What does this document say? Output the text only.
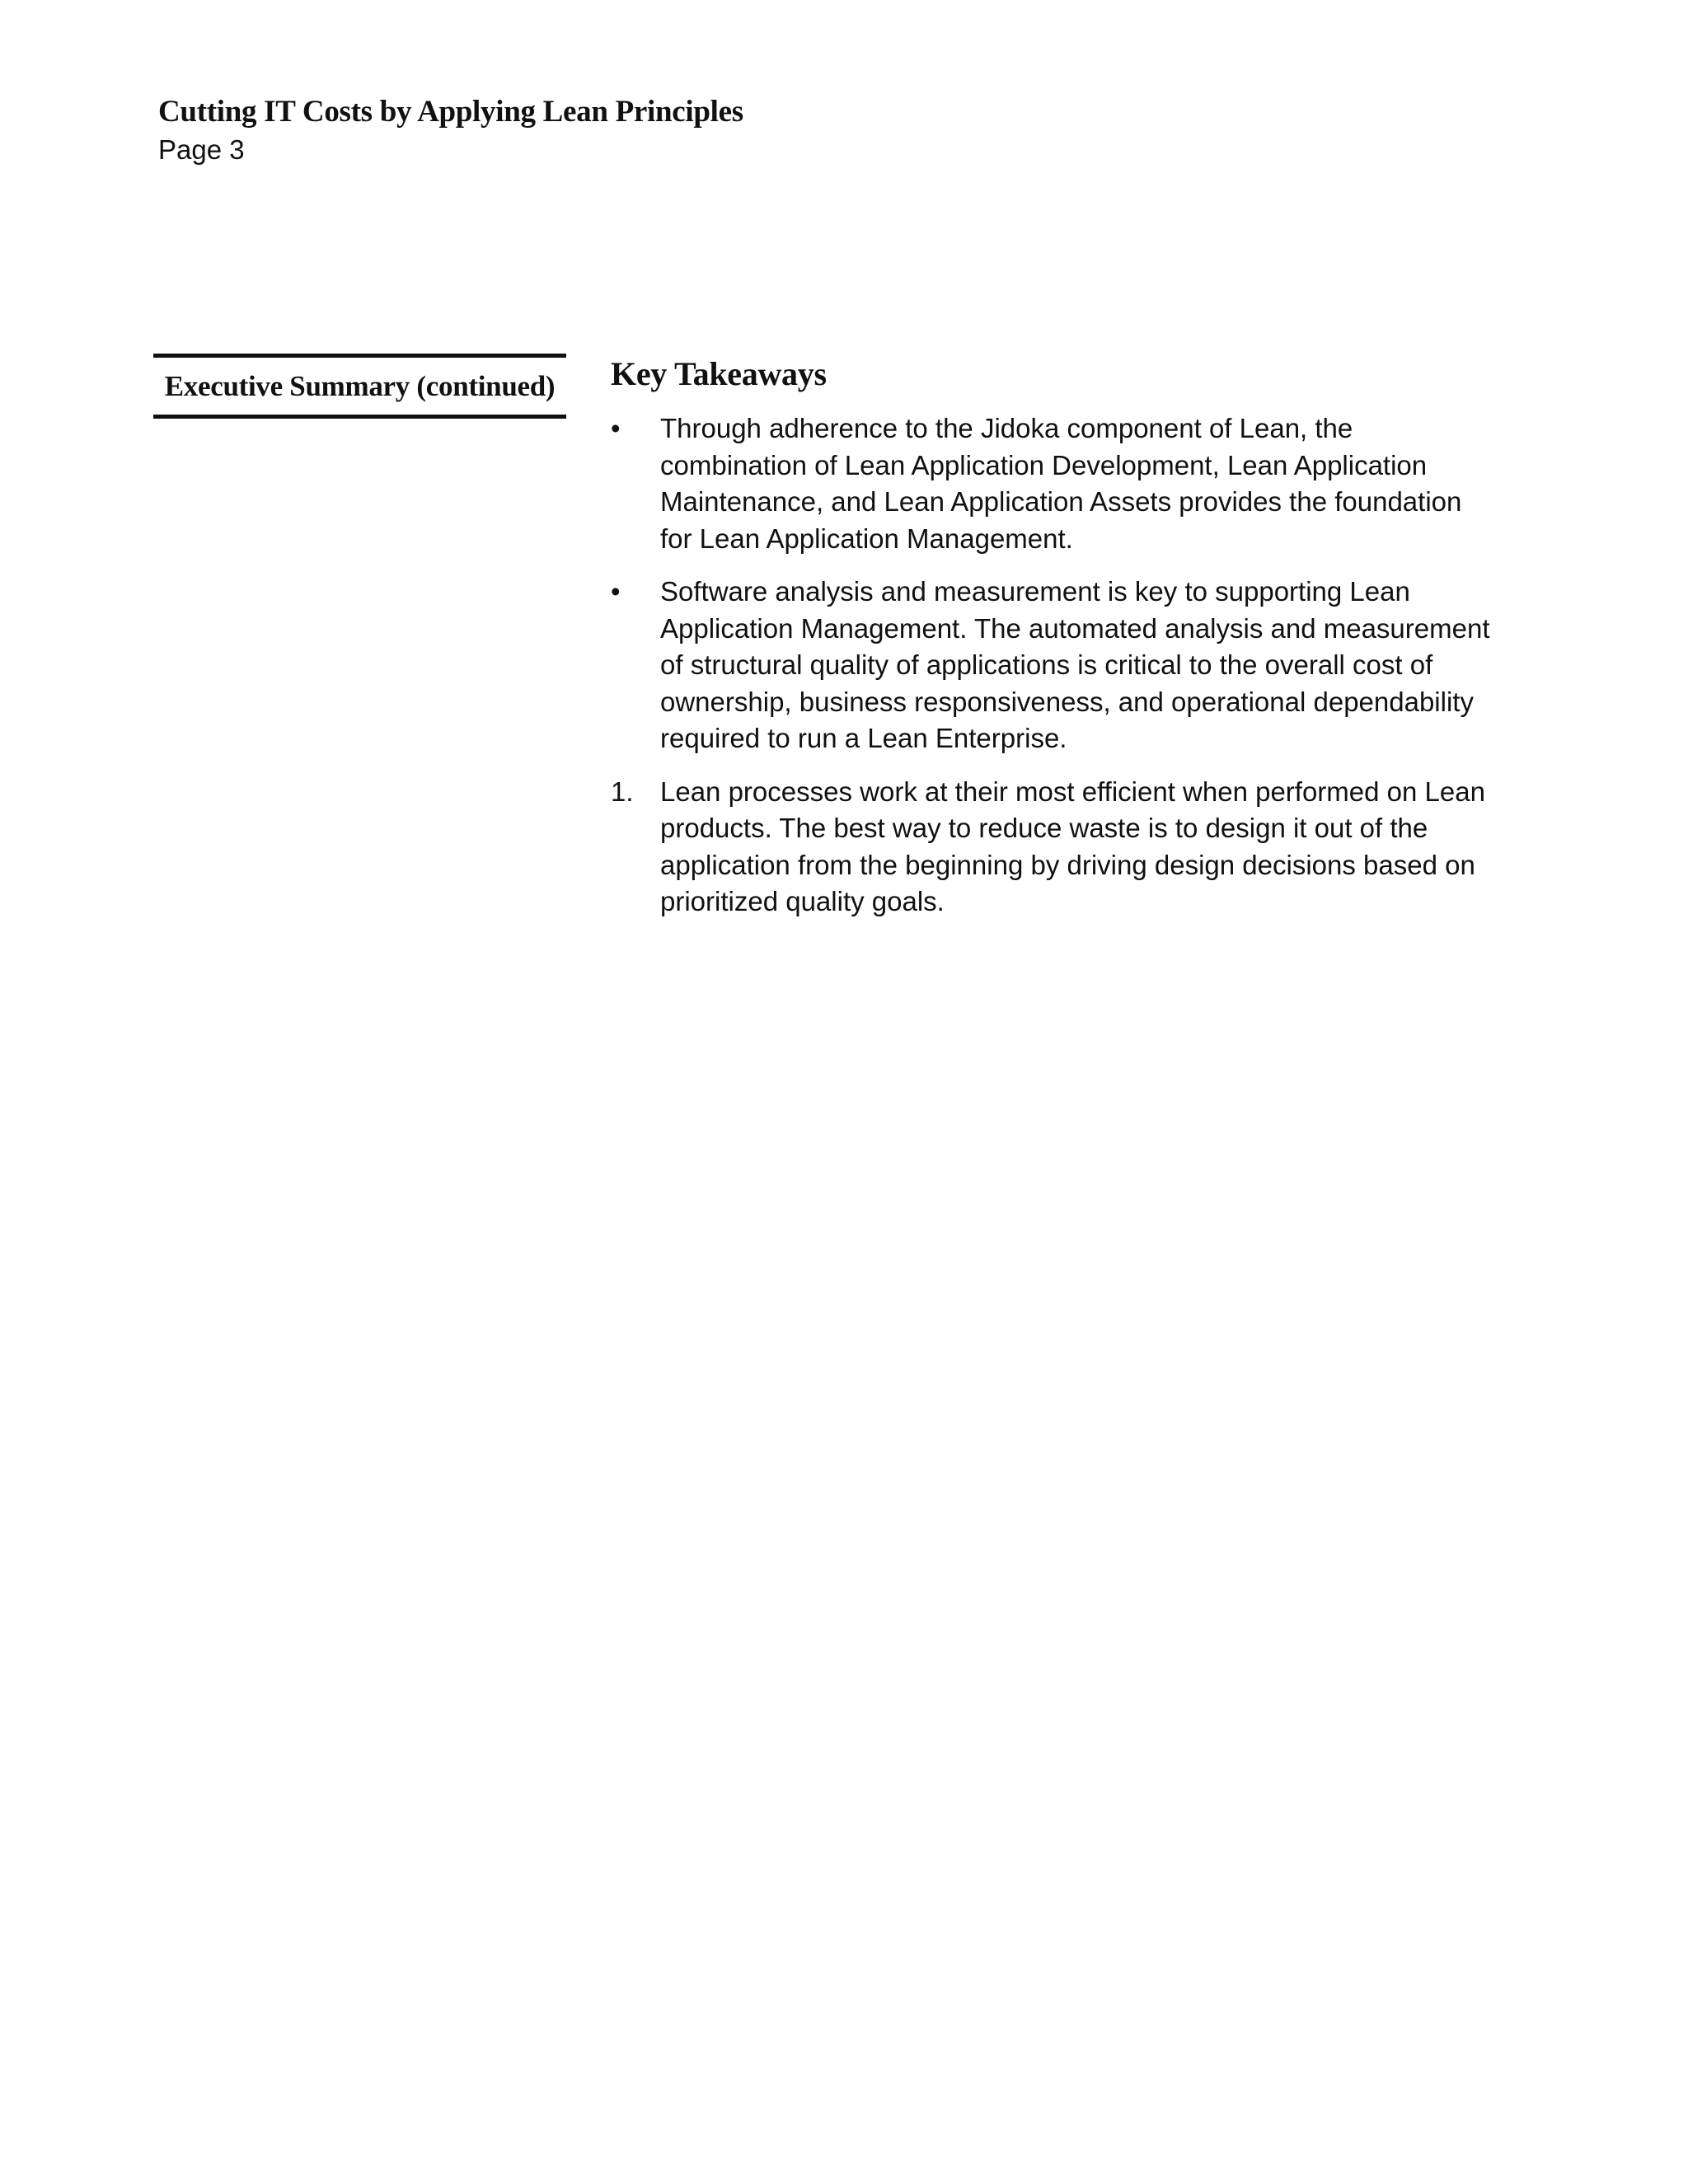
Cutting IT Costs by Applying Lean Principles

Page 3

Executive Summary (continued) Key Takeaways
•	Through adherence to the Jidoka component of Lean, the combination of Lean Application Development, Lean Application Maintenance, and Lean Application Assets provides the foundation for Lean Application Management.
•	Software analysis and measurement is key to supporting Lean Application Management. The automated analysis and measurement of structural quality of applications is critical to the overall cost of ownership, business responsiveness, and operational dependability required to run a Lean Enterprise.
1. Lean processes work at their most efficient when performed on Lean products. The best way to reduce waste is to design it out of the application from the beginning by driving design decisions based on prioritized quality goals.
